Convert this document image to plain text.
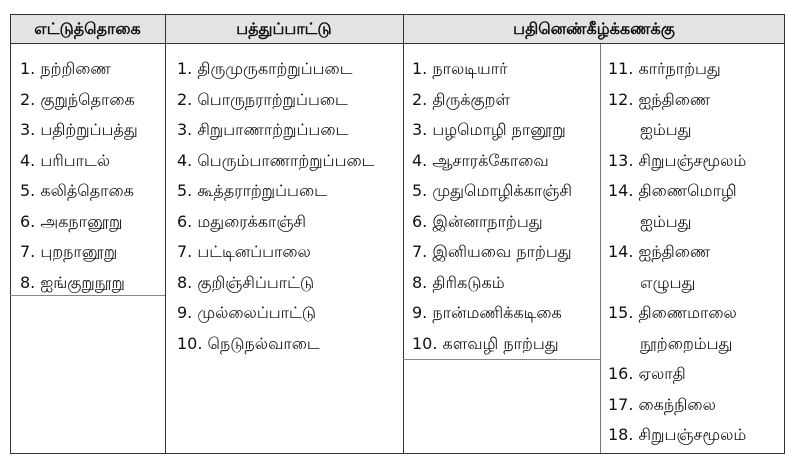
எட்டுத்தொகை	பத்துப்பாட்டு	பதினெண்கீழ்க்கணக்கு
1. நற்றிணை
2. குறுந்தொகை
3. பதிற்றுப்பத்து
4. பரிபாடல்
5. கலித்தொகை
6. அகநானூறு
7. புறநானூறு
8. ஐங்குறுநூறு
1. திருமுருகாற்றுப்படை
2. பொருநராற்றுப்படை
3. சிறுபாணாற்றுப்படை
4. பெரும்பாணாற்றுப்படை
5. கூத்தராற்றுப்படை
6. மதுரைக்காஞ்சி
7. பட்டினப்பாலை
8. குறிஞ்சிப்பாட்டு
9. முல்லைப்பாட்டு
10. நெடுநல்வாடை
1. நாலடியார்
2. திருக்குறள்
3. பழமொழி நானூறு
4. ஆசாரக்கோவை
5. முதுமொழிக்காஞ்சி
6. இன்னாநாற்பது
7. இனியவை நாற்பது
8. திரிகடுகம்
9. நான்மணிக்கடிகை
10. களவழி நாற்பது
11. கார்நாற்பது
12. ஐந்திணை
ஐம்பது
13. சிறுபஞ்சமூலம்
14. திணைமொழி
ஐம்பது
14. ஐந்திணை
எழுபது
15. திணைமாலை
நூற்றைம்பது
16. ஏலாதி
17. கைந்நிலை
18. சிறுபஞ்சமூலம்
